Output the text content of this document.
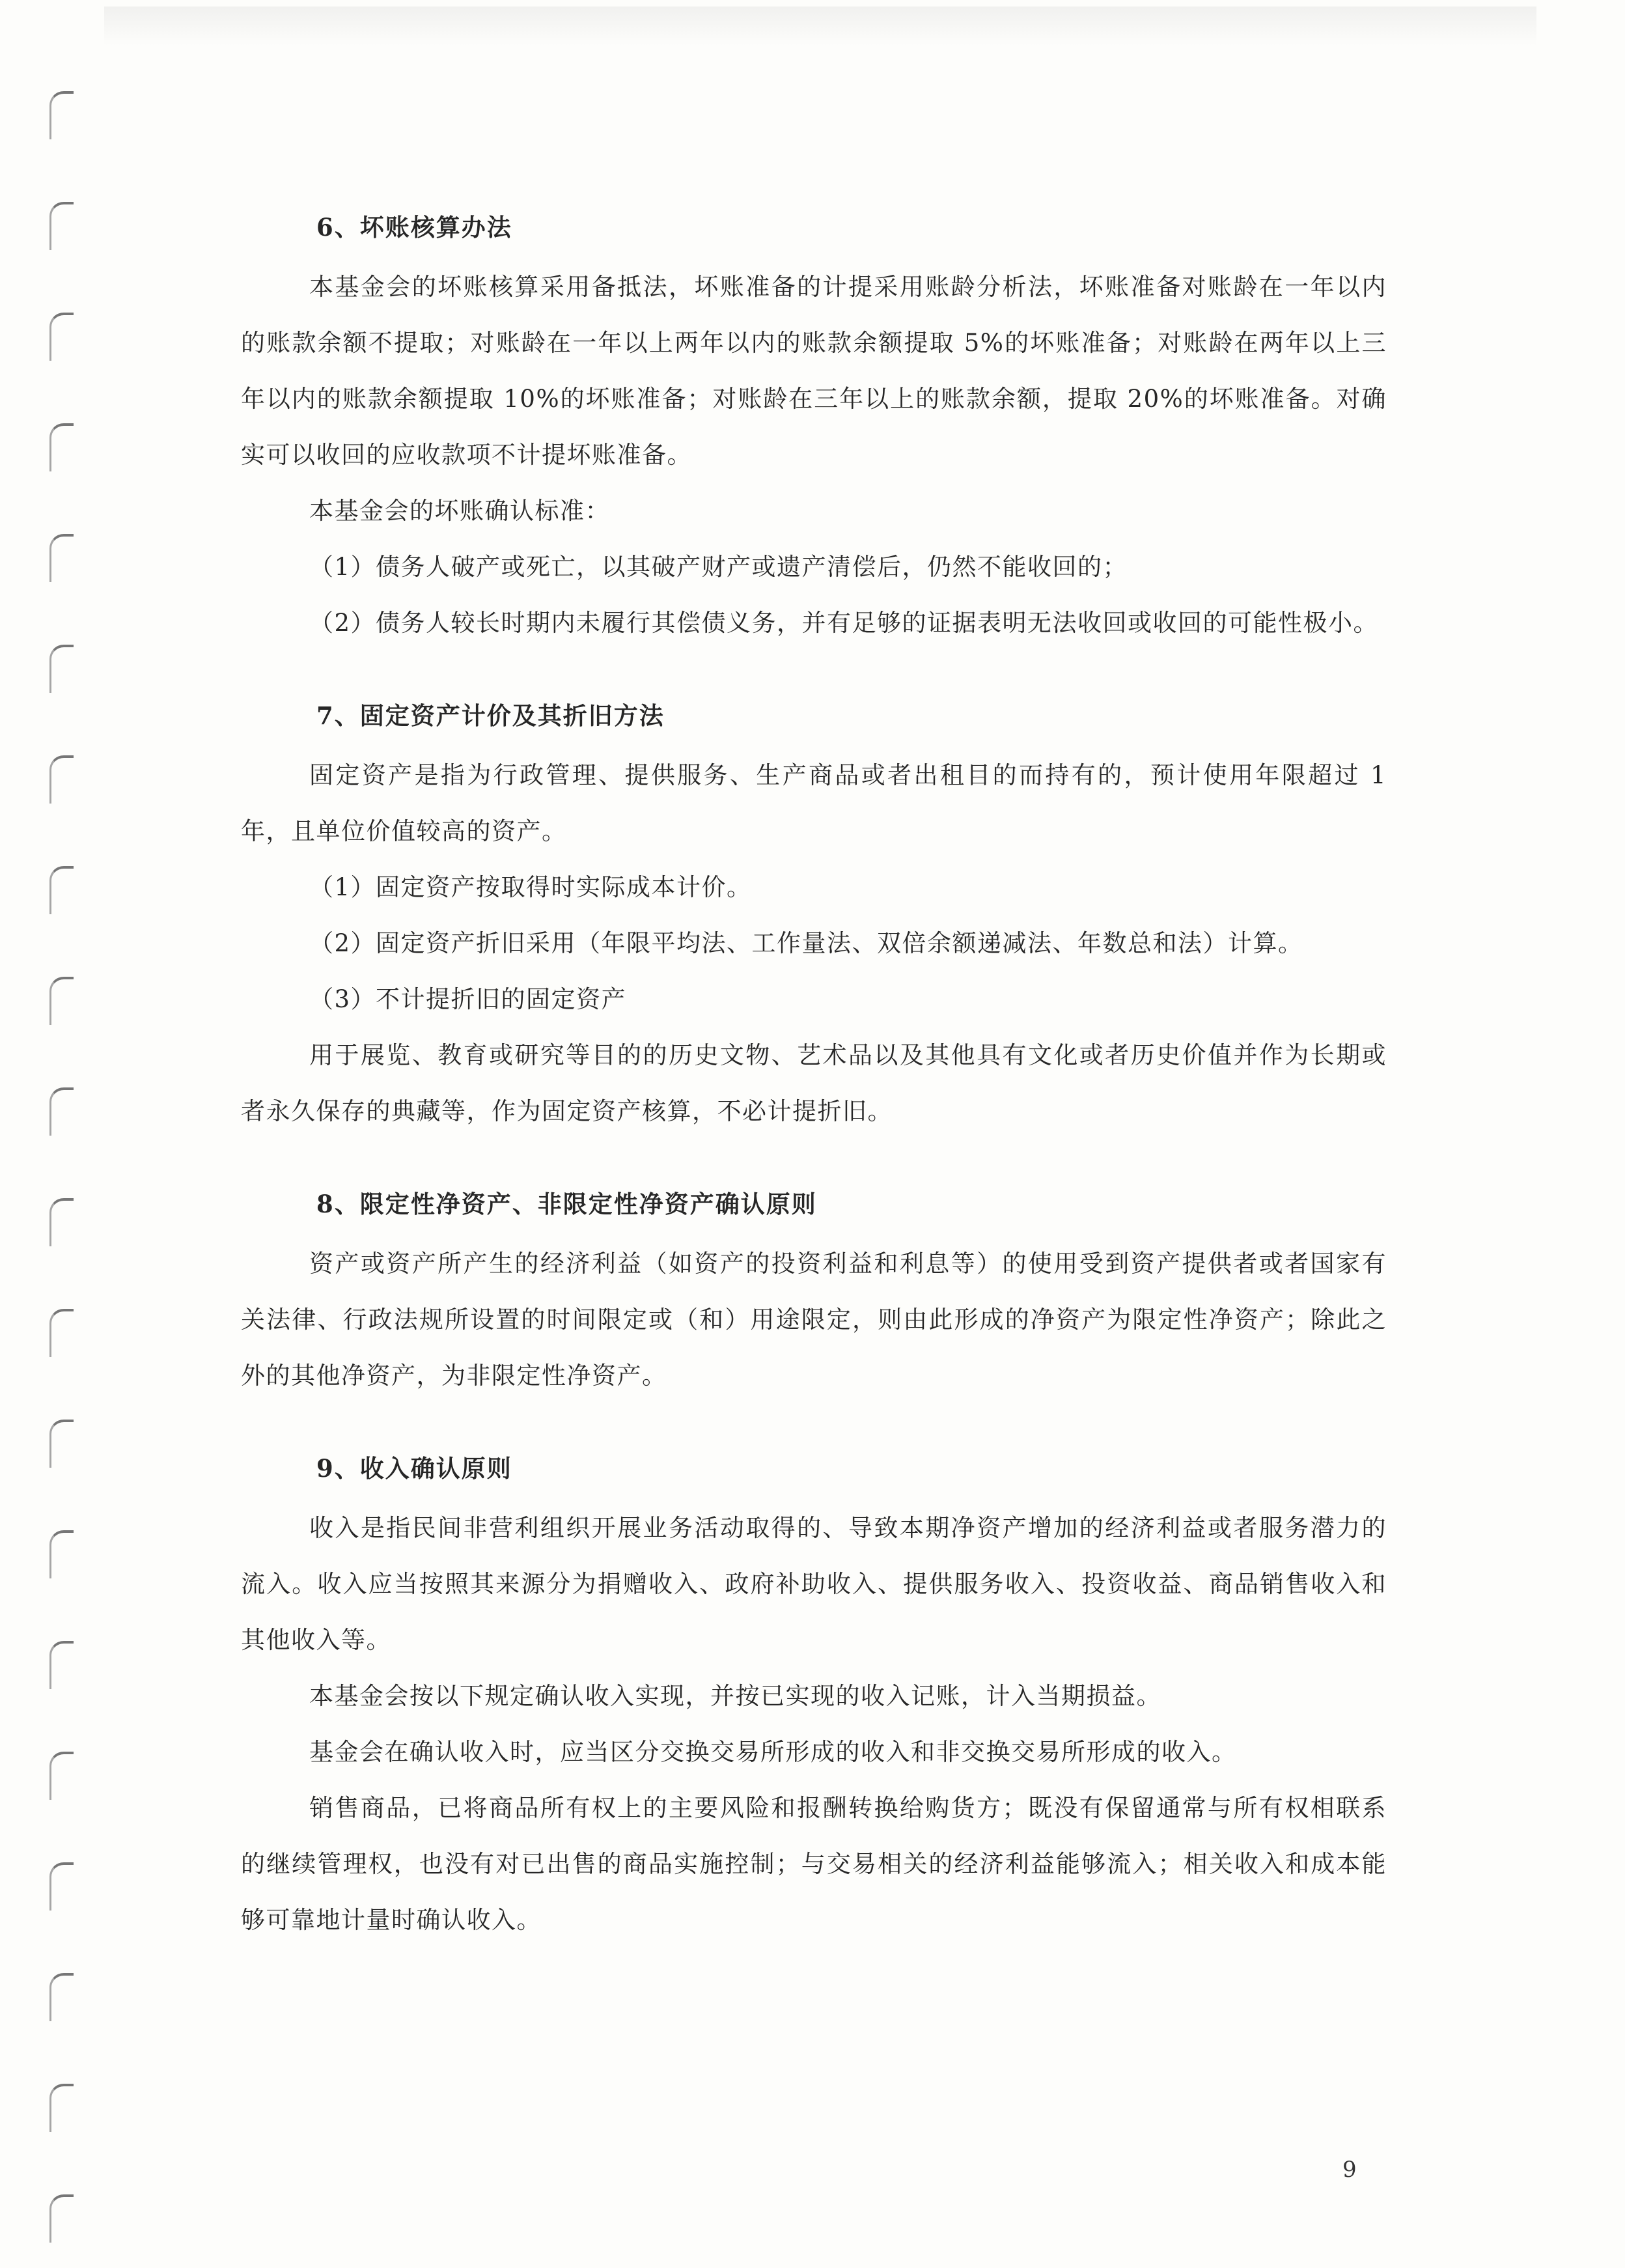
6、坏账核算办法

本基金会的坏账核算采用备抵法，坏账准备的计提采用账龄分析法，坏账准备对账龄在一年以内的账款余额不提取；对账龄在一年以上两年以内的账款余额提取 5%的坏账准备；对账龄在两年以上三年以内的账款余额提取 10%的坏账准备；对账龄在三年以上的账款余额，提取 20%的坏账准备。对确实可以收回的应收款项不计提坏账准备。

本基金会的坏账确认标准：

（1）债务人破产或死亡，以其破产财产或遗产清偿后，仍然不能收回的；

（2）债务人较长时期内未履行其偿债义务，并有足够的证据表明无法收回或收回的可能性极小。

7、固定资产计价及其折旧方法

固定资产是指为行政管理、提供服务、生产商品或者出租目的而持有的，预计使用年限超过 1 年，且单位价值较高的资产。

（1）固定资产按取得时实际成本计价。

（2）固定资产折旧采用（年限平均法、工作量法、双倍余额递减法、年数总和法）计算。

（3）不计提折旧的固定资产

用于展览、教育或研究等目的的历史文物、艺术品以及其他具有文化或者历史价值并作为长期或者永久保存的典藏等，作为固定资产核算，不必计提折旧。

8、限定性净资产、非限定性净资产确认原则

资产或资产所产生的经济利益（如资产的投资利益和利息等）的使用受到资产提供者或者国家有关法律、行政法规所设置的时间限定或（和）用途限定，则由此形成的净资产为限定性净资产；除此之外的其他净资产，为非限定性净资产。

9、收入确认原则

收入是指民间非营利组织开展业务活动取得的、导致本期净资产增加的经济利益或者服务潜力的流入。收入应当按照其来源分为捐赠收入、政府补助收入、提供服务收入、投资收益、商品销售收入和其他收入等。

本基金会按以下规定确认收入实现，并按已实现的收入记账，计入当期损益。

基金会在确认收入时，应当区分交换交易所形成的收入和非交换交易所形成的收入。

销售商品，已将商品所有权上的主要风险和报酬转换给购货方；既没有保留通常与所有权相联系的继续管理权，也没有对已出售的商品实施控制；与交易相关的经济利益能够流入；相关收入和成本能够可靠地计量时确认收入。

9
